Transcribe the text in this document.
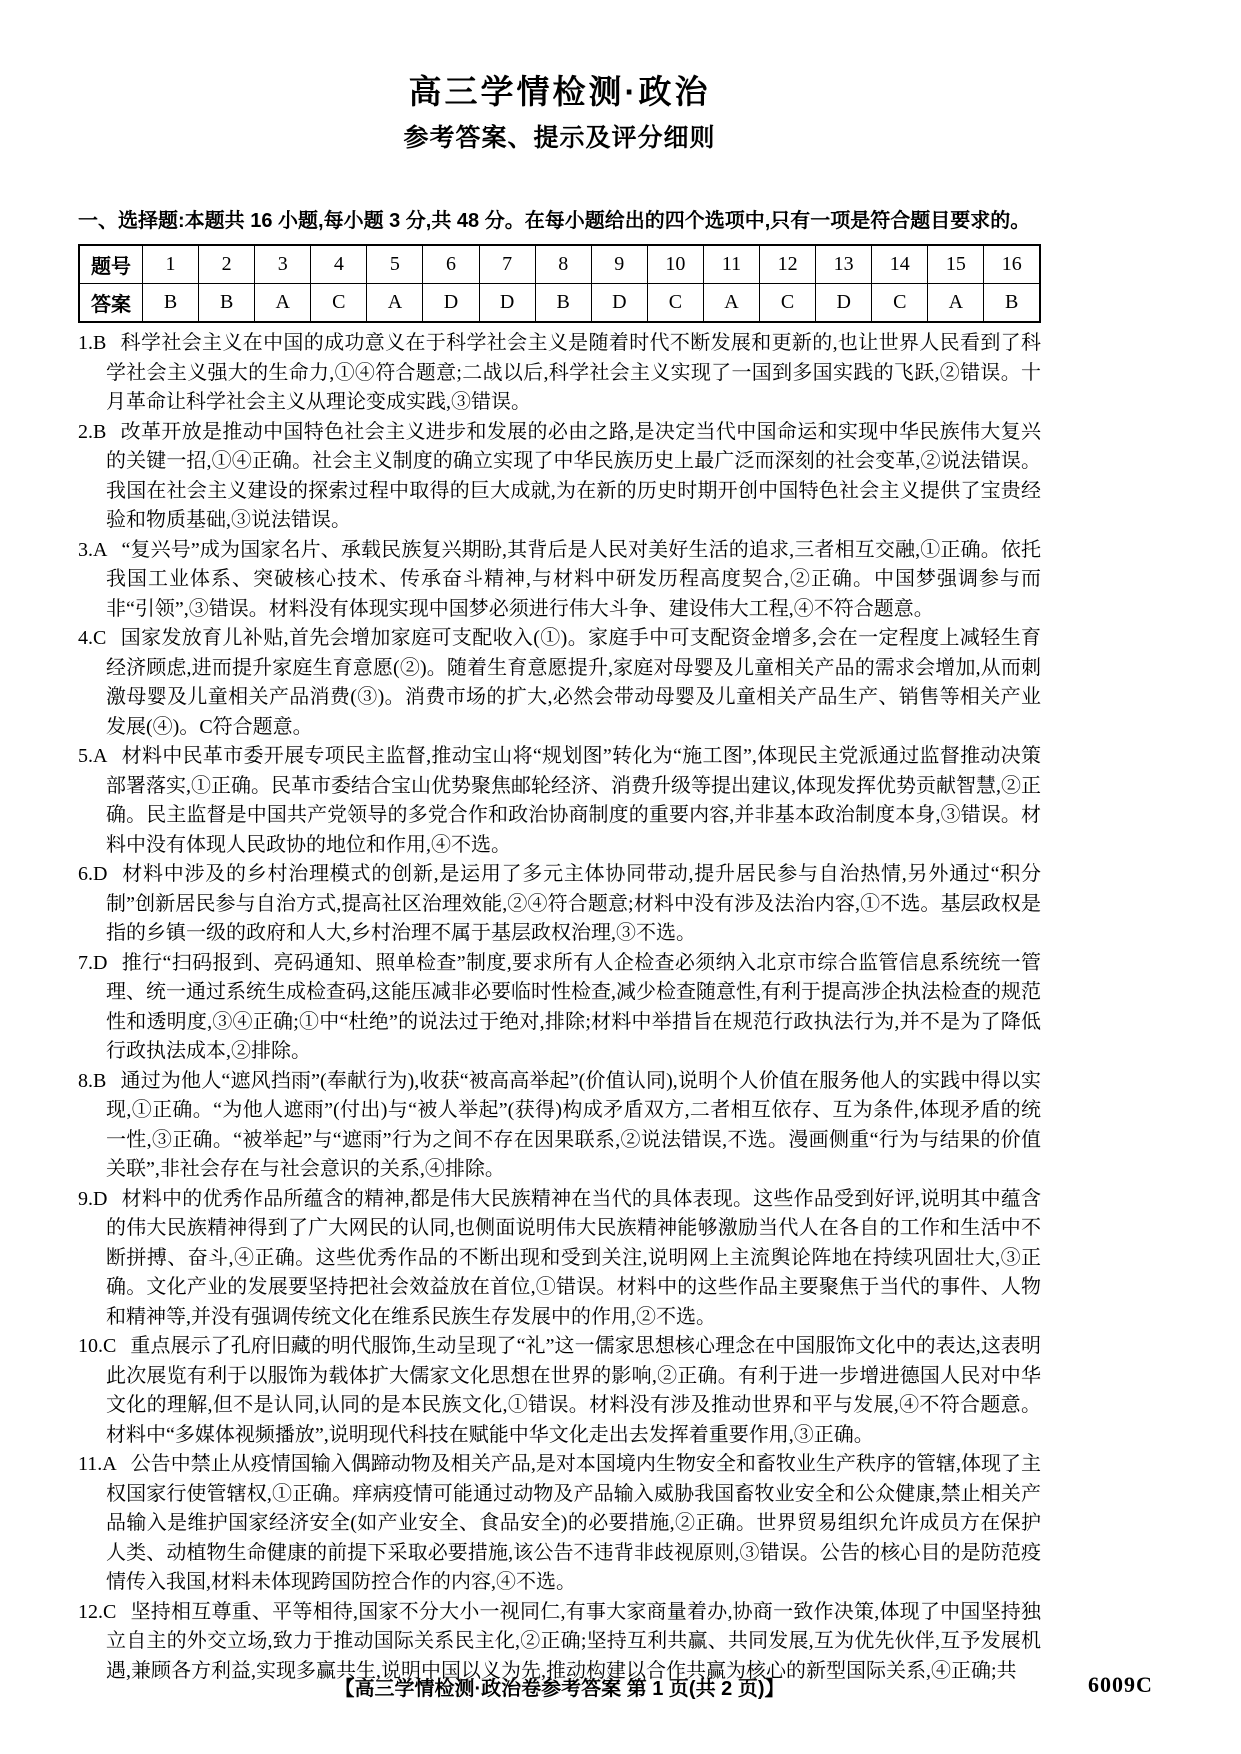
高三学情检测·政治
参考答案、提示及评分细则

一、选择题:本题共 16 小题,每小题 3 分,共 48 分。在每小题给出的四个选项中,只有一项是符合题目要求的。

题号	1	2	3	4	5	6	7	8	9	10	11	12	13	14	15	16
答案	B	B	A	C	A	D	D	B	D	C	A	C	D	C	A	B

1.B 科学社会主义在中国的成功意义在于科学社会主义是随着时代不断发展和更新的,也让世界人民看到了科学社会主义强大的生命力,①④符合题意;二战以后,科学社会主义实现了一国到多国实践的飞跃,②错误。十月革命让科学社会主义从理论变成实践,③错误。

2.B 改革开放是推动中国特色社会主义进步和发展的必由之路,是决定当代中国命运和实现中华民族伟大复兴的关键一招,①④正确。社会主义制度的确立实现了中华民族历史上最广泛而深刻的社会变革,②说法错误。我国在社会主义建设的探索过程中取得的巨大成就,为在新的历史时期开创中国特色社会主义提供了宝贵经验和物质基础,③说法错误。

3.A “复兴号”成为国家名片、承载民族复兴期盼,其背后是人民对美好生活的追求,三者相互交融,①正确。依托我国工业体系、突破核心技术、传承奋斗精神,与材料中研发历程高度契合,②正确。中国梦强调参与而非“引领”,③错误。材料没有体现实现中国梦必须进行伟大斗争、建设伟大工程,④不符合题意。

4.C 国家发放育儿补贴,首先会增加家庭可支配收入(①)。家庭手中可支配资金增多,会在一定程度上减轻生育经济顾虑,进而提升家庭生育意愿(②)。随着生育意愿提升,家庭对母婴及儿童相关产品的需求会增加,从而刺激母婴及儿童相关产品消费(③)。消费市场的扩大,必然会带动母婴及儿童相关产品生产、销售等相关产业发展(④)。C符合题意。

5.A 材料中民革市委开展专项民主监督,推动宝山将“规划图”转化为“施工图”,体现民主党派通过监督推动决策部署落实,①正确。民革市委结合宝山优势聚焦邮轮经济、消费升级等提出建议,体现发挥优势贡献智慧,②正确。民主监督是中国共产党领导的多党合作和政治协商制度的重要内容,并非基本政治制度本身,③错误。材料中没有体现人民政协的地位和作用,④不选。

6.D 材料中涉及的乡村治理模式的创新,是运用了多元主体协同带动,提升居民参与自治热情,另外通过“积分制”创新居民参与自治方式,提高社区治理效能,②④符合题意;材料中没有涉及法治内容,①不选。基层政权是指的乡镇一级的政府和人大,乡村治理不属于基层政权治理,③不选。

7.D 推行“扫码报到、亮码通知、照单检查”制度,要求所有人企检查必须纳入北京市综合监管信息系统统一管理、统一通过系统生成检查码,这能压减非必要临时性检查,减少检查随意性,有利于提高涉企执法检查的规范性和透明度,③④正确;①中“杜绝”的说法过于绝对,排除;材料中举措旨在规范行政执法行为,并不是为了降低行政执法成本,②排除。

8.B 通过为他人“遮风挡雨”(奉献行为),收获“被高高举起”(价值认同),说明个人价值在服务他人的实践中得以实现,①正确。“为他人遮雨”(付出)与“被人举起”(获得)构成矛盾双方,二者相互依存、互为条件,体现矛盾的统一性,③正确。“被举起”与“遮雨”行为之间不存在因果联系,②说法错误,不选。漫画侧重“行为与结果的价值关联”,非社会存在与社会意识的关系,④排除。

9.D 材料中的优秀作品所蕴含的精神,都是伟大民族精神在当代的具体表现。这些作品受到好评,说明其中蕴含的伟大民族精神得到了广大网民的认同,也侧面说明伟大民族精神能够激励当代人在各自的工作和生活中不断拼搏、奋斗,④正确。这些优秀作品的不断出现和受到关注,说明网上主流舆论阵地在持续巩固壮大,③正确。文化产业的发展要坚持把社会效益放在首位,①错误。材料中的这些作品主要聚焦于当代的事件、人物和精神等,并没有强调传统文化在维系民族生存发展中的作用,②不选。

10.C 重点展示了孔府旧藏的明代服饰,生动呈现了“礼”这一儒家思想核心理念在中国服饰文化中的表达,这表明此次展览有利于以服饰为载体扩大儒家文化思想在世界的影响,②正确。有利于进一步增进德国人民对中华文化的理解,但不是认同,认同的是本民族文化,①错误。材料没有涉及推动世界和平与发展,④不符合题意。材料中“多媒体视频播放”,说明现代科技在赋能中华文化走出去发挥着重要作用,③正确。

11.A 公告中禁止从疫情国输入偶蹄动物及相关产品,是对本国境内生物安全和畜牧业生产秩序的管辖,体现了主权国家行使管辖权,①正确。痒病疫情可能通过动物及产品输入威胁我国畜牧业安全和公众健康,禁止相关产品输入是维护国家经济安全(如产业安全、食品安全)的必要措施,②正确。世界贸易组织允许成员方在保护人类、动植物生命健康的前提下采取必要措施,该公告不违背非歧视原则,③错误。公告的核心目的是防范疫情传入我国,材料未体现跨国防控合作的内容,④不选。

12.C 坚持相互尊重、平等相待,国家不分大小一视同仁,有事大家商量着办,协商一致作决策,体现了中国坚持独立自主的外交立场,致力于推动国际关系民主化,②正确;坚持互利共赢、共同发展,互为优先伙伴,互予发展机遇,兼顾各方利益,实现多赢共生,说明中国以义为先,推动构建以合作共赢为核心的新型国际关系,④正确;共

【高三学情检测·政治卷参考答案 第 1 页(共 2 页)】	6009C
